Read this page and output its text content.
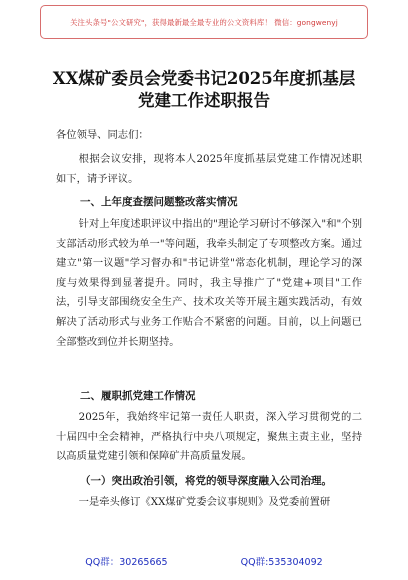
关注头条号"公文研究"，获得最新最全最专业的公文资料库！ 微信：gongwenyj
XX煤矿委员会党委书记2025年度抓基层
党建工作述职报告
各位领导、同志们：
根据会议安排，现将本人2025年度抓基层党建工作情况述职如下，请予评议。
一、上年度查摆问题整改落实情况
针对上年度述职评议中指出的"理论学习研讨不够深入"和"个别支部活动形式较为单一"等问题，我牵头制定了专项整改方案。通过建立"第一议题"学习督办和"书记讲堂"常态化机制，理论学习的深度与效果得到显著提升。同时，我主导推广了"党建+项目"工作法，引导支部围绕安全生产、技术攻关等开展主题实践活动，有效解决了活动形式与业务工作贴合不紧密的问题。目前，以上问题已全部整改到位并长期坚持。
二、履职抓党建工作情况
2025年，我始终牢记第一责任人职责，深入学习贯彻党的二十届四中全会精神，严格执行中央八项规定，聚焦主责主业，坚持以高质量党建引领和保障矿井高质量发展。
（一）突出政治引领，将党的领导深度融入公司治理。
一是牵头修订《XX煤矿党委会议事规则》及党委前置研
QQ群：30265665	QQ群:535304092
